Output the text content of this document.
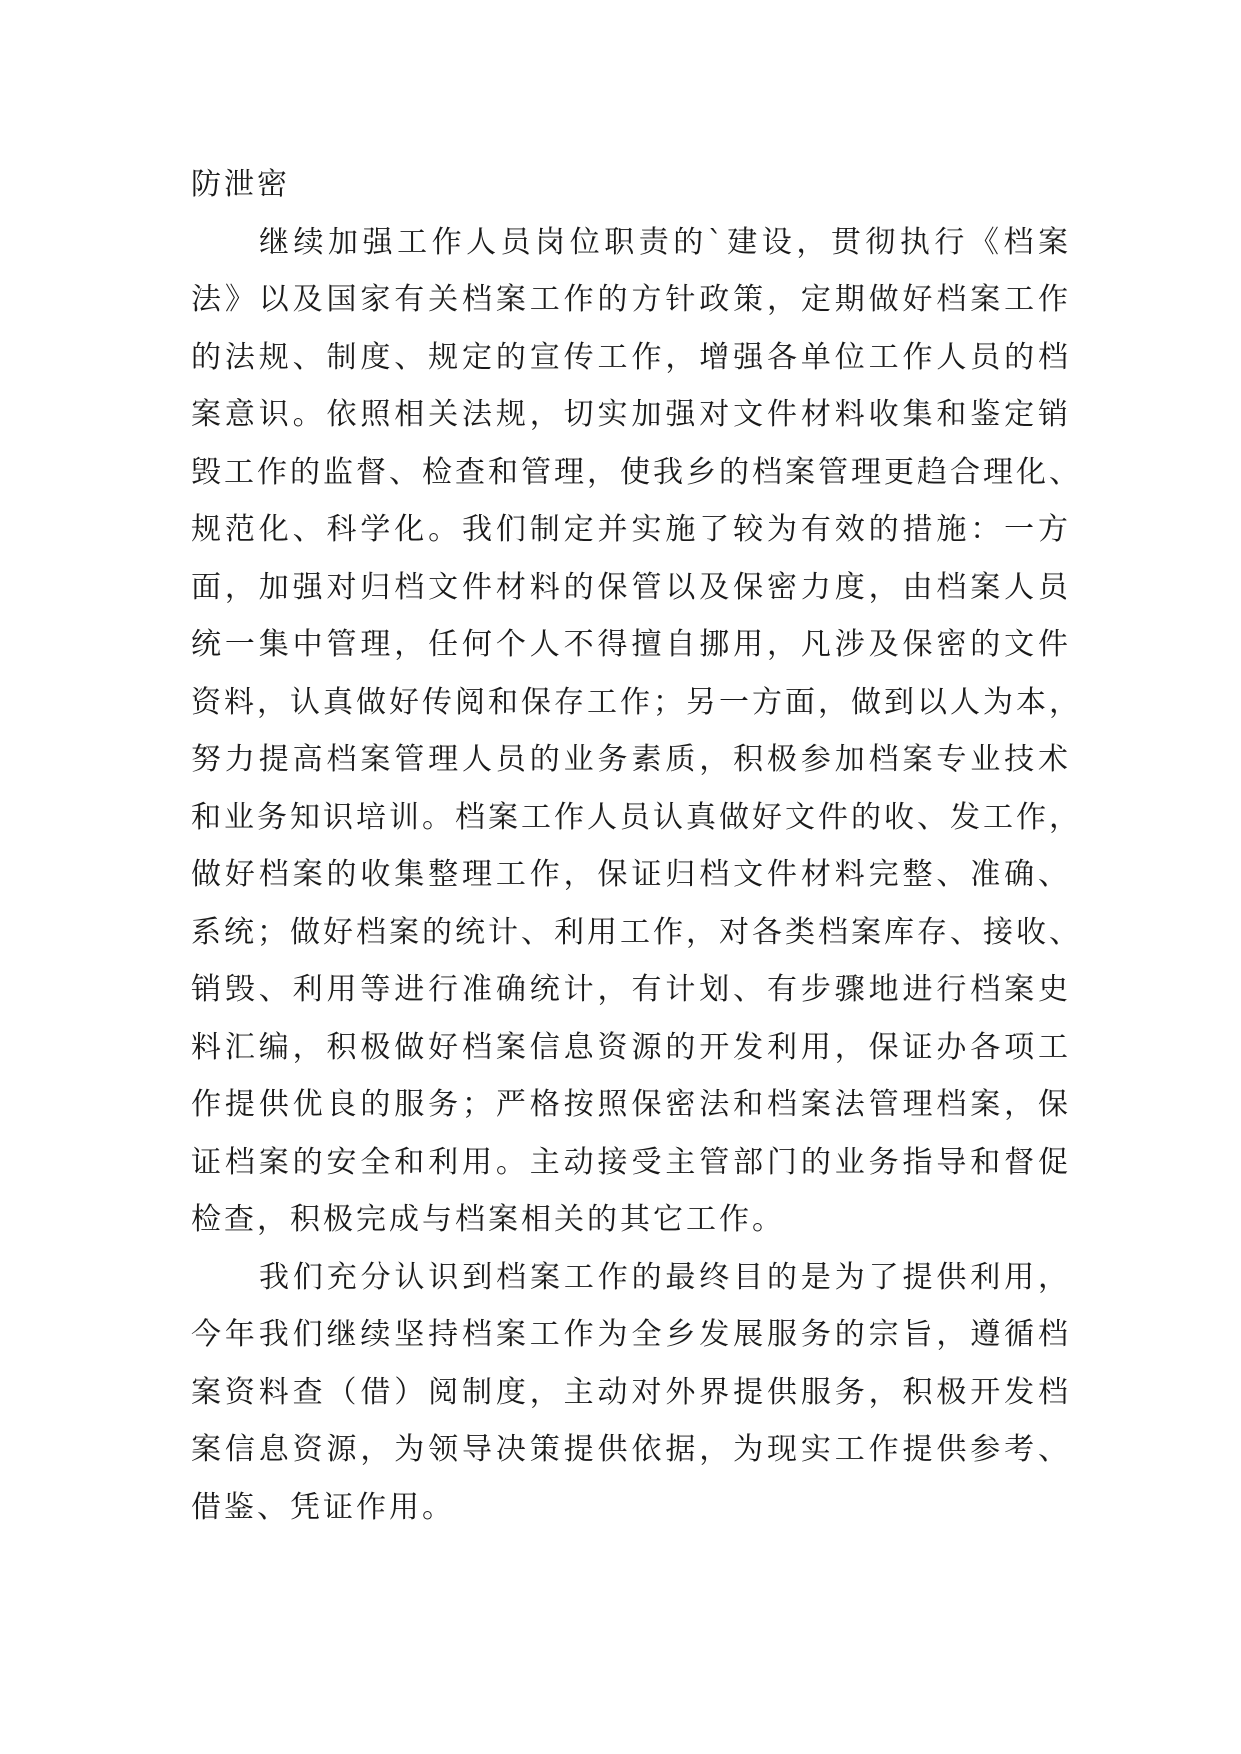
防泄密
继续加强工作人员岗位职责的`建设，贯彻执行《档案
法》以及国家有关档案工作的方针政策，定期做好档案工作
的法规、制度、规定的宣传工作，增强各单位工作人员的档
案意识。依照相关法规，切实加强对文件材料收集和鉴定销
毁工作的监督、检查和管理，使我乡的档案管理更趋合理化、
规范化、科学化。我们制定并实施了较为有效的措施：一方
面，加强对归档文件材料的保管以及保密力度，由档案人员
统一集中管理，任何个人不得擅自挪用，凡涉及保密的文件
资料，认真做好传阅和保存工作；另一方面，做到以人为本，
努力提高档案管理人员的业务素质，积极参加档案专业技术
和业务知识培训。档案工作人员认真做好文件的收、发工作，
做好档案的收集整理工作，保证归档文件材料完整、准确、
系统；做好档案的统计、利用工作，对各类档案库存、接收、
销毁、利用等进行准确统计，有计划、有步骤地进行档案史
料汇编，积极做好档案信息资源的开发利用，保证办各项工
作提供优良的服务；严格按照保密法和档案法管理档案，保
证档案的安全和利用。主动接受主管部门的业务指导和督促
检查，积极完成与档案相关的其它工作。
我们充分认识到档案工作的最终目的是为了提供利用，
今年我们继续坚持档案工作为全乡发展服务的宗旨，遵循档
案资料查（借）阅制度，主动对外界提供服务，积极开发档
案信息资源，为领导决策提供依据，为现实工作提供参考、
借鉴、凭证作用。
